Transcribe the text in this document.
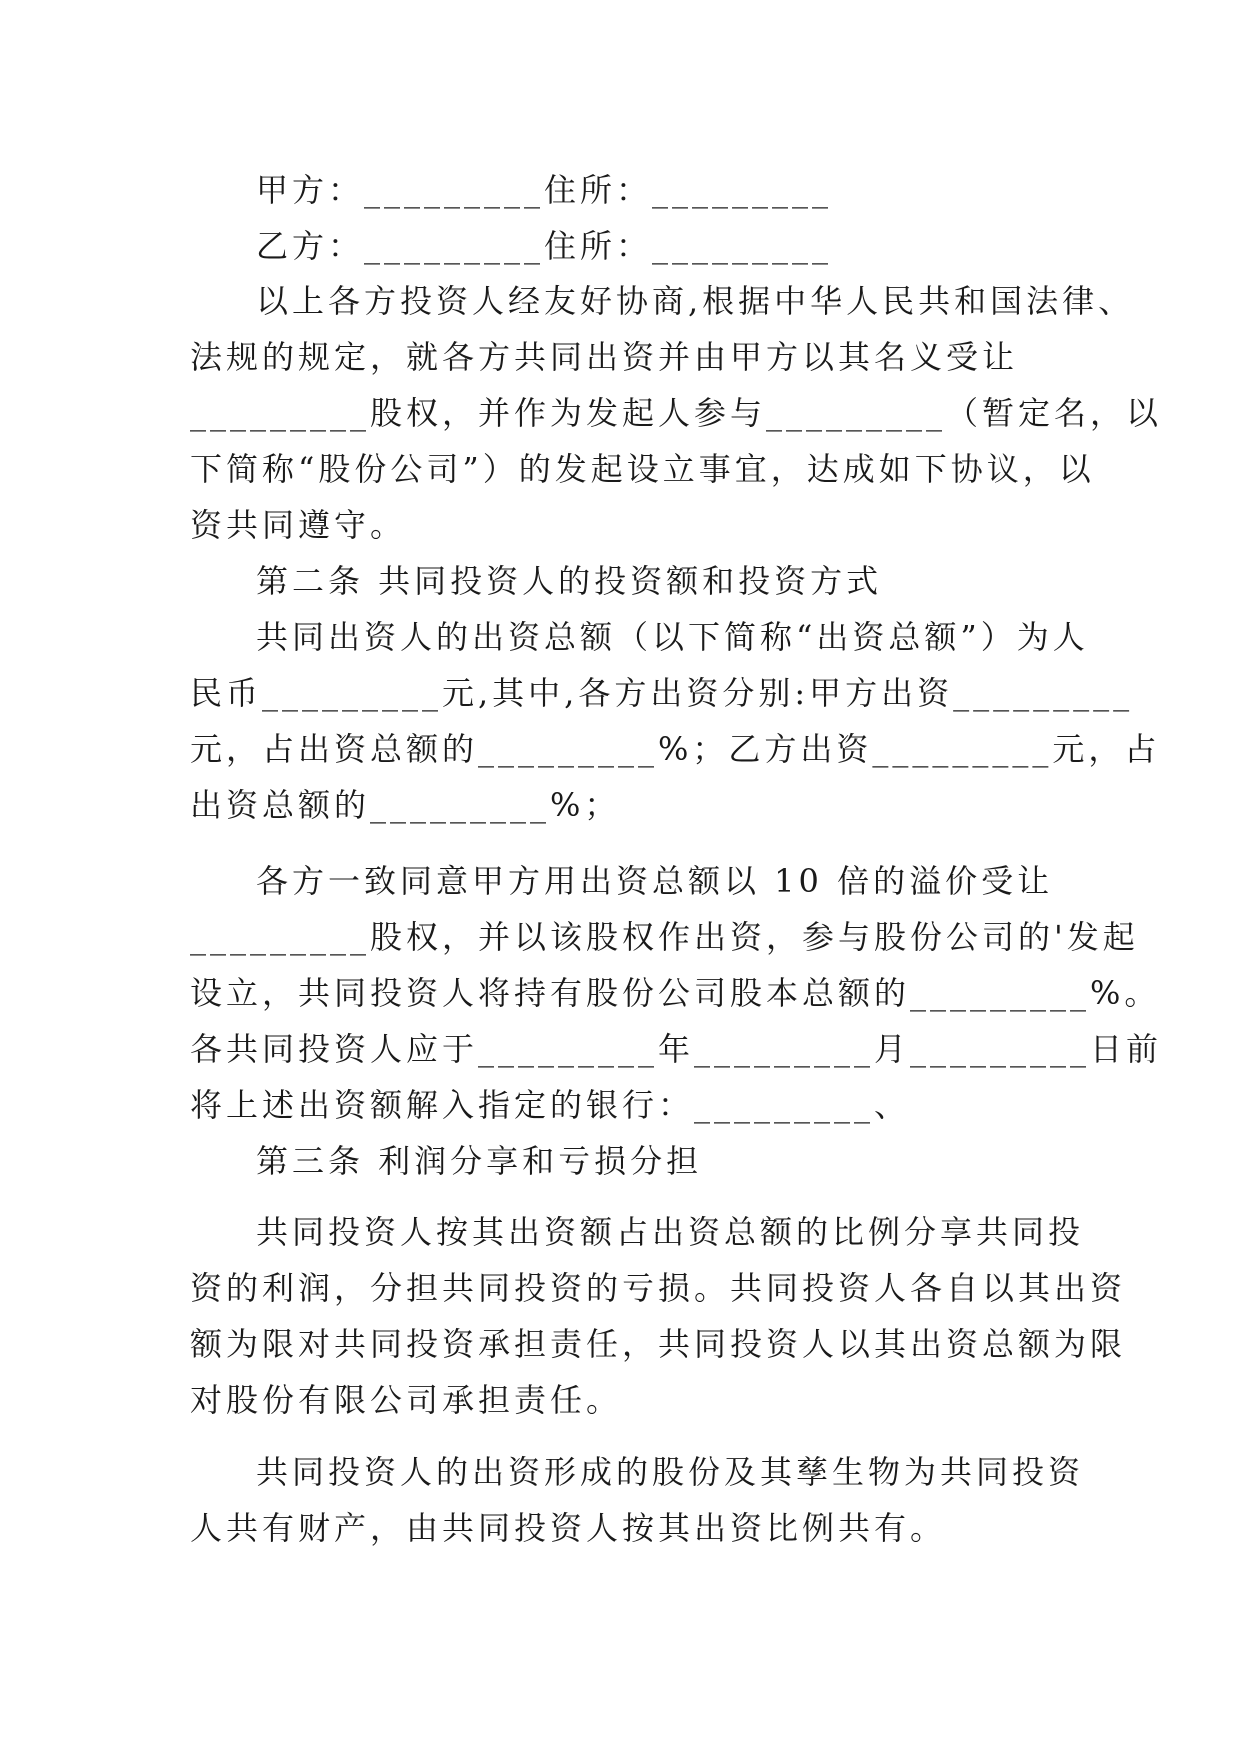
甲方：_________住所：_________
乙方：_________住所：_________
以上各方投资人经友好协商,根据中华人民共和国法律、
法规的规定，就各方共同出资并由甲方以其名义受让
_________股权，并作为发起人参与_________（暂定名，以
下简称“股份公司”）的发起设立事宜，达成如下协议，以
资共同遵守。
第二条 共同投资人的投资额和投资方式
共同出资人的出资总额（以下简称“出资总额”）为人
民币_________元,其中,各方出资分别:甲方出资_________
元，占出资总额的_________%；乙方出资_________元，占
出资总额的_________%；
各方一致同意甲方用出资总额以 10 倍的溢价受让
_________股权，并以该股权作出资，参与股份公司的'发起
设立，共同投资人将持有股份公司股本总额的_________%。
各共同投资人应于_________年_________月_________日前
将上述出资额解入指定的银行：_________、
第三条 利润分享和亏损分担
共同投资人按其出资额占出资总额的比例分享共同投
资的利润，分担共同投资的亏损。共同投资人各自以其出资
额为限对共同投资承担责任，共同投资人以其出资总额为限
对股份有限公司承担责任。
共同投资人的出资形成的股份及其孳生物为共同投资
人共有财产，由共同投资人按其出资比例共有。
